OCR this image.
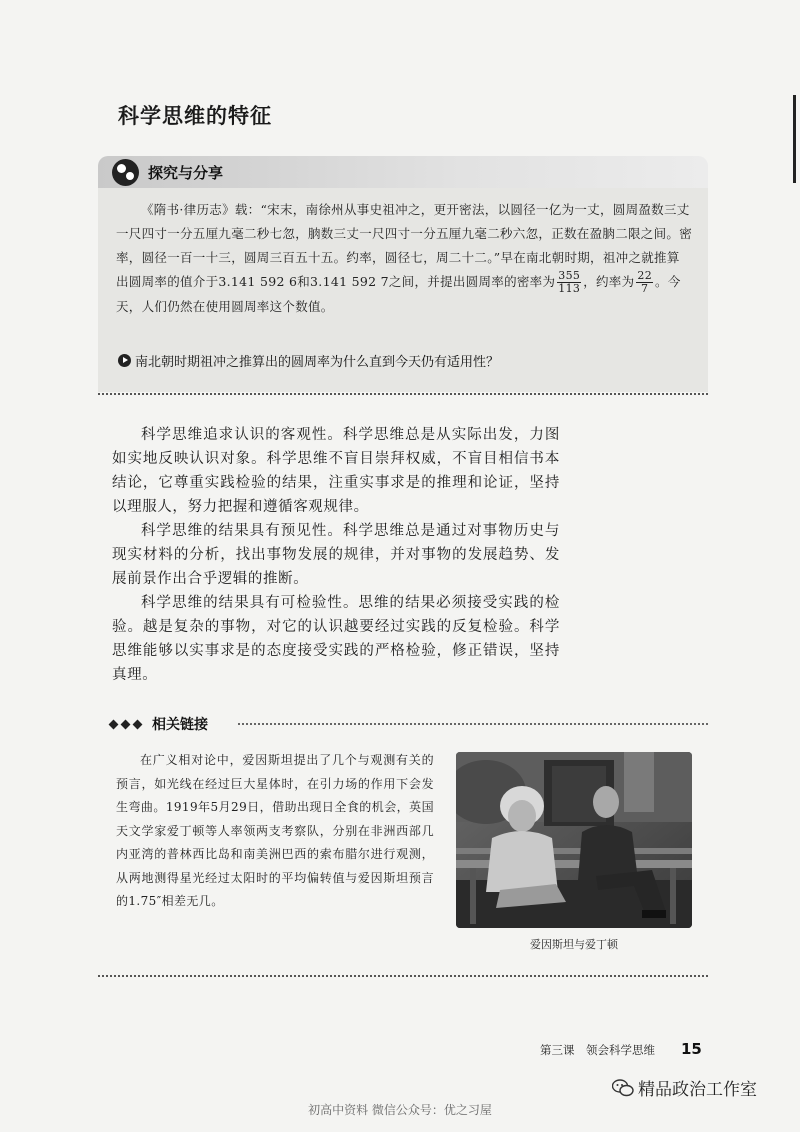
科学思维的特征
探究与分享

《隋书·律历志》载：“宋末，南徐州从事史祖冲之，更开密法，以圆径一亿为一丈，圆周盈数三丈一尺四寸一分五厘九毫二秒七忽，朒数三丈一尺四寸一分五厘九毫二秒六忽，正数在盈朒二限之间。密率，圆径一百一十三，圆周三百五十五。约率，圆径七，周二十二。”早在南北朝时期，祖冲之就推算出圆周率的值介于3.141 592 6和3.141 592 7之间，并提出圆周率的密率为 $\frac{355}{113}$ ，约率为 $\frac{22}{7}$ 。今天，人们仍然在使用圆周率这个数值。

南北朝时期祖冲之推算出的圆周率为什么直到今天仍有适用性？

科学思维追求认识的客观性。科学思维总是从实际出发，力图如实地反映认识对象。科学思维不盲目崇拜权威，不盲目相信书本结论，它尊重实践检验的结果，注重实事求是的推理和论证，坚持以理服人，努力把握和遵循客观规律。

科学思维的结果具有预见性。科学思维总是通过对事物历史与现实材料的分析，找出事物发展的规律，并对事物的发展趋势、发展前景作出合乎逻辑的推断。

科学思维的结果具有可检验性。思维的结果必须接受实践的检验。越是复杂的事物，对它的认识越要经过实践的反复检验。科学思维能够以实事求是的态度接受实践的严格检验，修正错误，坚持真理。

相关链接

在广义相对论中，爱因斯坦提出了几个与观测有关的预言，如光线在经过巨大星体时，在引力场的作用下会发生弯曲。1919年5月29日，借助出现日全食的机会，英国天文学家爱丁顿等人率领两支考察队，分别在非洲西部几内亚湾的普林西比岛和南美洲巴西的索布腊尔进行观测，从两地测得星光经过太阳时的平均偏转值与爱因斯坦预言的1.75″相差无几。

爱因斯坦与爱丁顿
第三课　领会科学思维 15
精品政治工作室
初高中资料 微信公众号：优之习屋
